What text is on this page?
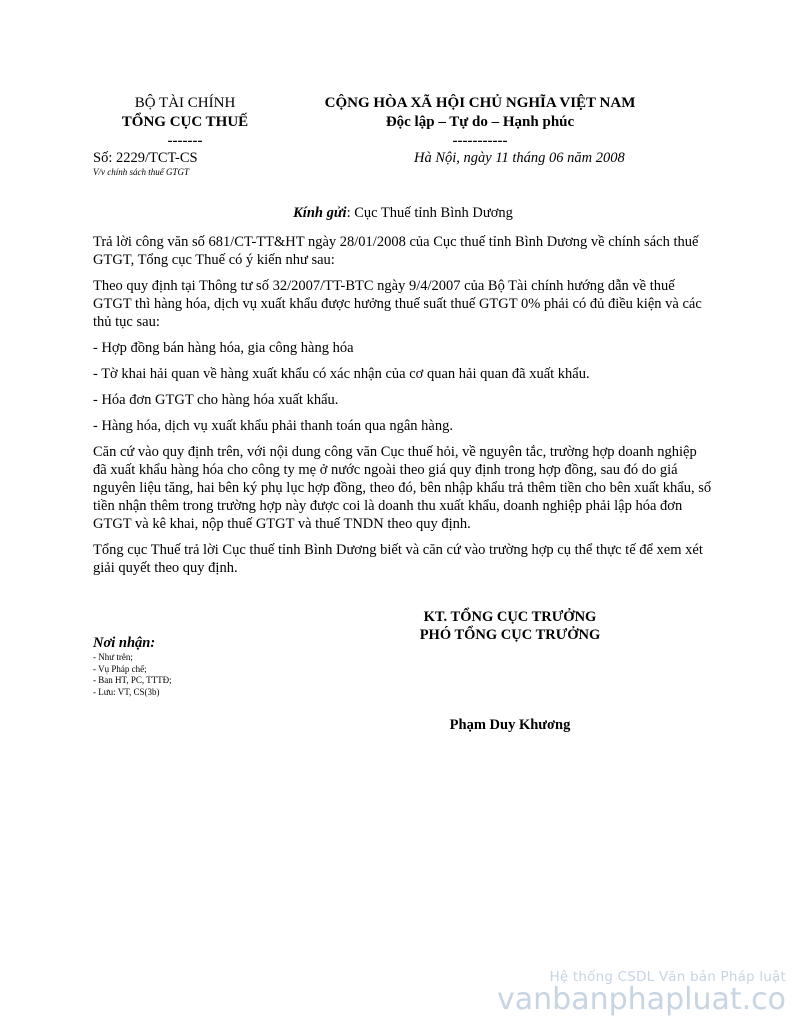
BỘ TÀI CHÍNH
TỔNG CỤC THUẾ
-------
CỘNG HÒA XÃ HỘI CHỦ NGHĨA VIỆT NAM
Độc lập – Tự do – Hạnh phúc
-----------
Số: 2229/TCT-CS
V/v chính sách thuế GTGT
Hà Nội, ngày 11 tháng 06 năm 2008
Kính gửi: Cục Thuế tỉnh Bình Dương

Trả lời công văn số 681/CT-TT&HT ngày 28/01/2008 của Cục thuế tỉnh Bình Dương về chính sách thuế GTGT, Tổng cục Thuế có ý kiến như sau:

Theo quy định tại Thông tư số 32/2007/TT-BTC ngày 9/4/2007 của Bộ Tài chính hướng dẫn về thuế GTGT thì hàng hóa, dịch vụ xuất khẩu được hưởng thuế suất thuế GTGT 0% phải có đủ điều kiện và các thủ tục sau:

- Hợp đồng bán hàng hóa, gia công hàng hóa

- Tờ khai hải quan về hàng xuất khẩu có xác nhận của cơ quan hải quan đã xuất khẩu.

- Hóa đơn GTGT cho hàng hóa xuất khẩu.

- Hàng hóa, dịch vụ xuất khẩu phải thanh toán qua ngân hàng.

Căn cứ vào quy định trên, với nội dung công văn Cục thuế hỏi, về nguyên tắc, trường hợp doanh nghiệp đã xuất khẩu hàng hóa cho công ty mẹ ở nước ngoài theo giá quy định trong hợp đồng, sau đó do giá nguyên liệu tăng, hai bên ký phụ lục hợp đồng, theo đó, bên nhập khẩu trả thêm tiền cho bên xuất khẩu, số tiền nhận thêm trong trường hợp này được coi là doanh thu xuất khẩu, doanh nghiệp phải lập hóa đơn GTGT và kê khai, nộp thuế GTGT và thuế TNDN theo quy định.

Tổng cục Thuế trả lời Cục thuế tỉnh Bình Dương biết và căn cứ vào trường hợp cụ thể thực tế để xem xét giải quyết theo quy định.

KT. TỔNG CỤC TRƯỞNG
PHÓ TỔNG CỤC TRƯỞNG
Phạm Duy Khương
Nơi nhận:
- Như trên;
- Vụ Pháp chế;
- Ban HT, PC, TTTĐ;
- Lưu: VT, CS(3b)
Hệ thống CSDL Văn bản Pháp luật
vanbanphapluat.co
